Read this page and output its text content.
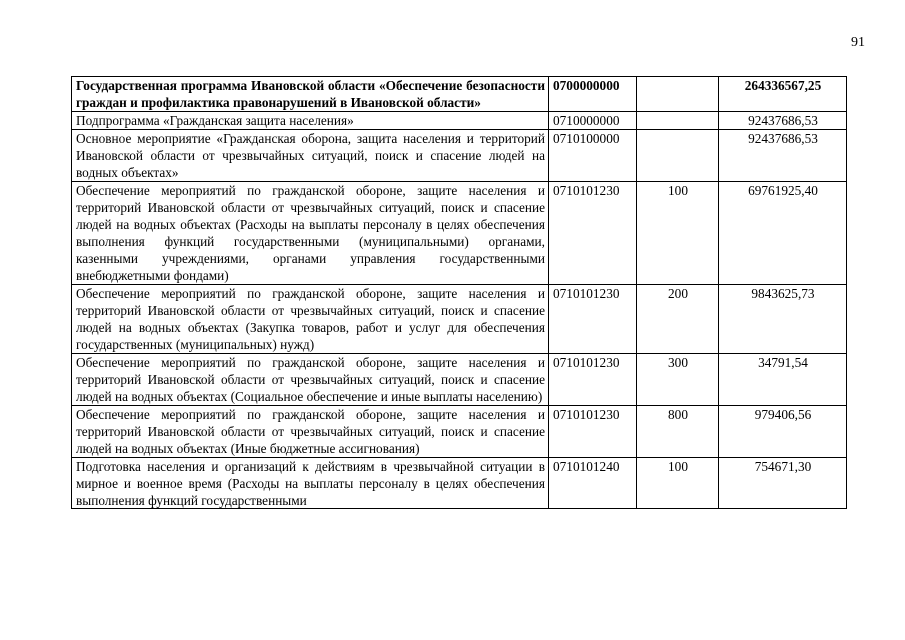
91
Государственная программа Ивановской области «Обеспечение безопасности граждан и профилактика правонарушений в Ивановской области»	0700000000		264336567,25
Подпрограмма «Гражданская защита населения»	0710000000		92437686,53
Основное мероприятие «Гражданская оборона, защита населения и территорий Ивановской области от чрезвычайных ситуаций, поиск и спасение людей на водных объектах»	0710100000		92437686,53
Обеспечение мероприятий по гражданской обороне, защите населения и территорий Ивановской области от чрезвычайных ситуаций, поиск и спасение людей на водных объектах (Расходы на выплаты персоналу в целях обеспечения выполнения функций государственными (муниципальными) органами, казенными учреждениями, органами управления государственными внебюджетными фондами)	0710101230	100	69761925,40
Обеспечение мероприятий по гражданской обороне, защите населения и территорий Ивановской области от чрезвычайных ситуаций, поиск и спасение людей на водных объектах (Закупка товаров, работ и услуг для обеспечения государственных (муниципальных) нужд)	0710101230	200	9843625,73
Обеспечение мероприятий по гражданской обороне, защите населения и территорий Ивановской области от чрезвычайных ситуаций, поиск и спасение людей на водных объектах (Социальное обеспечение и иные выплаты населению)	0710101230	300	34791,54
Обеспечение мероприятий по гражданской обороне, защите населения и территорий Ивановской области от чрезвычайных ситуаций, поиск и спасение людей на водных объектах (Иные бюджетные ассигнования)	0710101230	800	979406,56

Подготовка населения и организаций к действиям в чрезвычайной ситуации в мирное и военное время (Расходы на выплаты персоналу в целях обеспечения выполнения функций государственными	0710101240	100	754671,30
